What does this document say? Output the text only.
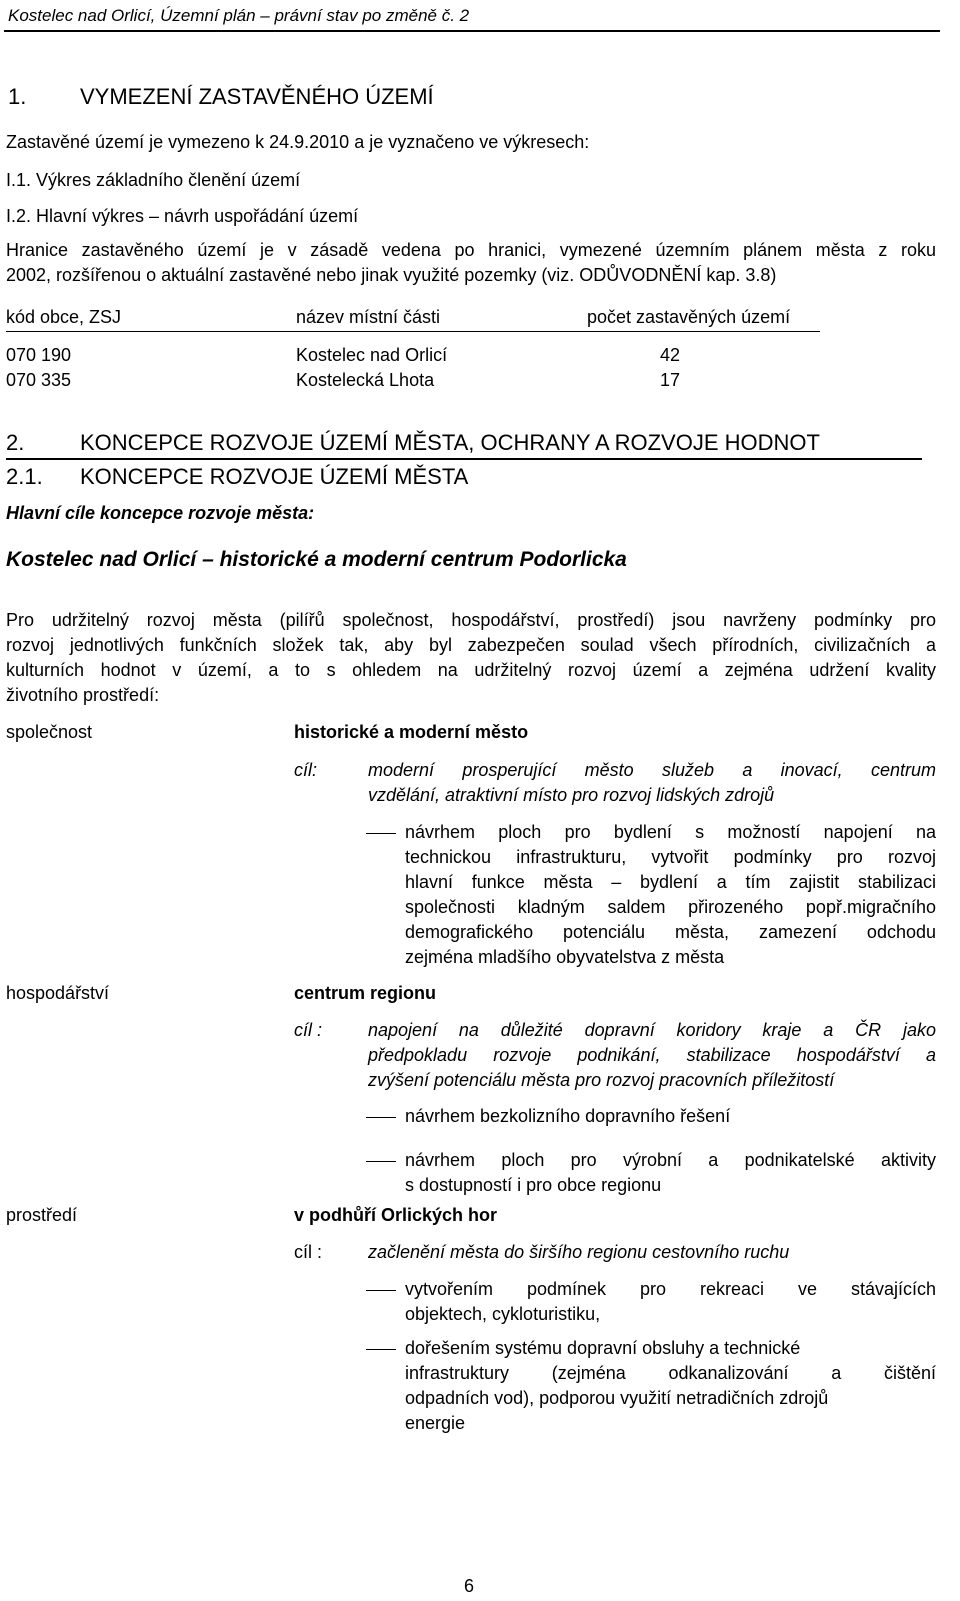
Kostelec nad Orlicí, Územní plán – právní stav po změně č. 2
1. VYMEZENÍ ZASTAVĚNÉHO ÚZEMÍ
Zastavěné území je vymezeno k 24.9.2010 a je vyznačeno ve výkresech:
I.1. Výkres základního členění území
I.2. Hlavní výkres – návrh uspořádání území
Hranice zastavěného území je v zásadě vedena po hranici, vymezené územním plánem města z roku
2002, rozšířenou o aktuální zastavěné nebo jinak využité pozemky (viz. ODŮVODNĚNÍ kap. 3.8)
kód obce, ZSJ	název místní části	počet zastavěných území
070 190	Kostelec nad Orlicí	42
070 335	Kostelecká Lhota	17
2.	KONCEPCE ROZVOJE ÚZEMÍ MĚSTA, OCHRANY A ROZVOJE HODNOT
2.1. KONCEPCE ROZVOJE ÚZEMÍ MĚSTA
Hlavní cíle koncepce rozvoje města:
Kostelec nad Orlicí – historické a moderní centrum Podorlicka
Pro udržitelný rozvoj města (pilířů společnost, hospodářství, prostředí) jsou navrženy podmínky pro
rozvoj jednotlivých funkčních složek tak, aby byl zabezpečen soulad všech přírodních, civilizačních a
kulturních hodnot v území, a to s ohledem na udržitelný rozvoj území a zejména udržení kvality
životního prostředí:
společnost	historické a moderní město
cíl:	moderní prosperující město služeb a inovací, centrum
vzdělání, atraktivní místo pro rozvoj lidských zdrojů
návrhem ploch pro bydlení s možností napojení na
technickou infrastrukturu, vytvořit podmínky pro rozvoj
hlavní funkce města – bydlení a tím zajistit stabilizaci
společnosti kladným saldem přirozeného popř.migračního
demografického potenciálu města, zamezení odchodu
zejména mladšího obyvatelstva z města
hospodářství	centrum regionu
cíl :	napojení na důležité dopravní koridory kraje a ČR jako
předpokladu rozvoje podnikání, stabilizace hospodářství a
zvýšení potenciálu města pro rozvoj pracovních příležitostí
návrhem bezkolizního dopravního řešení
návrhem ploch pro výrobní a podnikatelské aktivity
s dostupností i pro obce regionu
prostředí	v podhůří Orlických hor
cíl :	začlenění města do širšího regionu cestovního ruchu
vytvořením podmínek pro rekreaci ve stávajících
objektech, cykloturistiku,
dořešením systému dopravní obsluhy a technické
infrastruktury (zejména odkanalizování a čištění
odpadních vod), podporou využití netradičních zdrojů
energie
6
